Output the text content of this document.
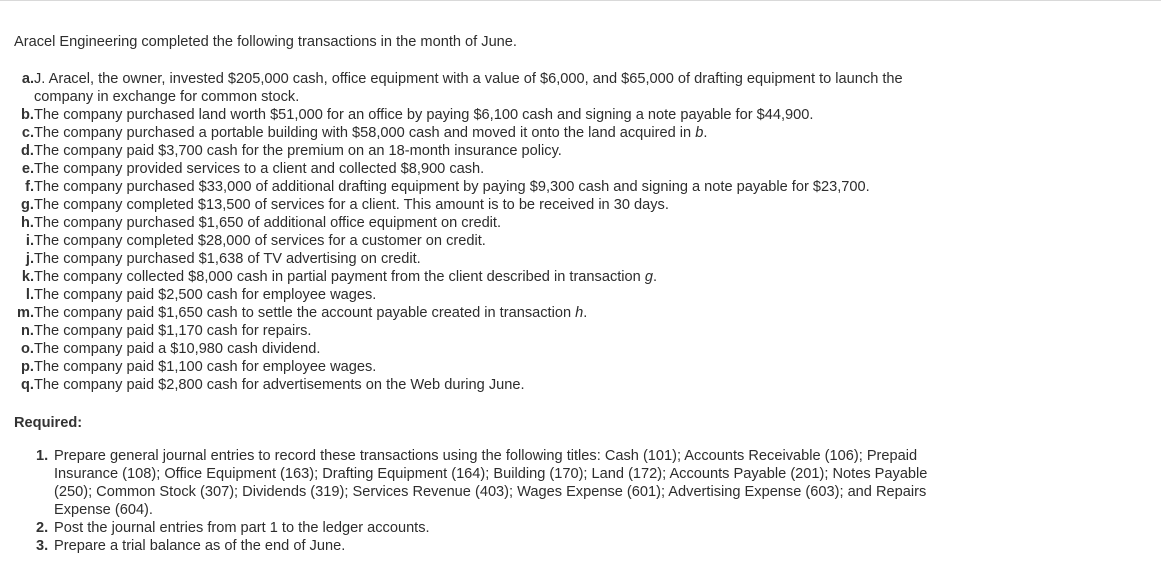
Aracel Engineering completed the following transactions in the month of June.

a. J. Aracel, the owner, invested $205,000 cash, office equipment with a value of $6,000, and $65,000 of drafting equipment to launch the company in exchange for common stock.
b. The company purchased land worth $51,000 for an office by paying $6,100 cash and signing a note payable for $44,900.
c. The company purchased a portable building with $58,000 cash and moved it onto the land acquired in b.
d. The company paid $3,700 cash for the premium on an 18-month insurance policy.
e. The company provided services to a client and collected $8,900 cash.
f. The company purchased $33,000 of additional drafting equipment by paying $9,300 cash and signing a note payable for $23,700.
g. The company completed $13,500 of services for a client. This amount is to be received in 30 days.
h. The company purchased $1,650 of additional office equipment on credit.
i. The company completed $28,000 of services for a customer on credit.
j. The company purchased $1,638 of TV advertising on credit.
k. The company collected $8,000 cash in partial payment from the client described in transaction g.
l. The company paid $2,500 cash for employee wages.
m. The company paid $1,650 cash to settle the account payable created in transaction h.
n. The company paid $1,170 cash for repairs.
o. The company paid a $10,980 cash dividend.
p. The company paid $1,100 cash for employee wages.
q. The company paid $2,800 cash for advertisements on the Web during June.

Required:

1. Prepare general journal entries to record these transactions using the following titles: Cash (101); Accounts Receivable (106); Prepaid Insurance (108); Office Equipment (163); Drafting Equipment (164); Building (170); Land (172); Accounts Payable (201); Notes Payable (250); Common Stock (307); Dividends (319); Services Revenue (403); Wages Expense (601); Advertising Expense (603); and Repairs Expense (604).
2. Post the journal entries from part 1 to the ledger accounts.
3. Prepare a trial balance as of the end of June.
